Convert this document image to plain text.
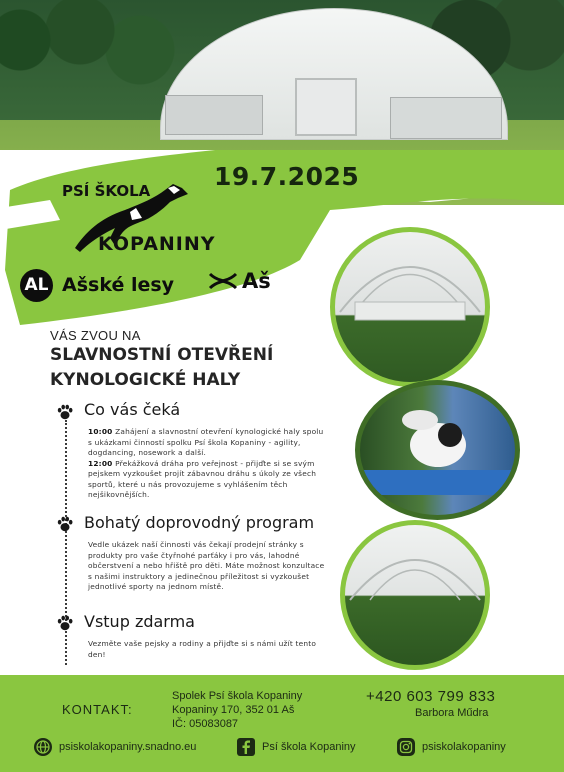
19.7.2025
PSÍ ŠKOLA
KOPANINY
AL Ašské lesy	Aš
VÁS ZVOU NA
SLAVNOSTNÍ OTEVŘENÍ
KYNOLOGICKÉ HALY
Co vás čeká
10:00 Zahájení a slavnostní otevření kynologické haly spolu s ukázkami činností spolku Psí škola Kopaniny - agility, dogdancing, nosework a další.
12:00 Překážková dráha pro veřejnost - přijďte si se svým pejskem vyzkoušet projít zábavnou dráhu s úkoly ze všech sportů, které u nás provozujeme s vyhlášením těch nejšikovnějších.
Bohatý doprovodný program
Vedle ukázek naší činnosti vás čekají prodejní stránky s produkty pro vaše čtyřnohé parťáky i pro vás, lahodné občerstvení a nebo hřiště pro děti. Máte možnost konzultace s našimi instruktory a jedinečnou příležitost si vyzkoušet jednotlivé sporty na jednom místě.
Vstup zdarma
Vezměte vaše pejsky a rodiny a přijďte si s námi užít tento den!
KONTAKT:
Spolek Psí škola Kopaniny
Kopaniny 170, 352 01 Aš
IČ: 05083087
+420 603 799 833
Barbora Műdra
psiskolakopaniny.snadno.eu	Psí škola Kopaniny	psiskolakopaniny
